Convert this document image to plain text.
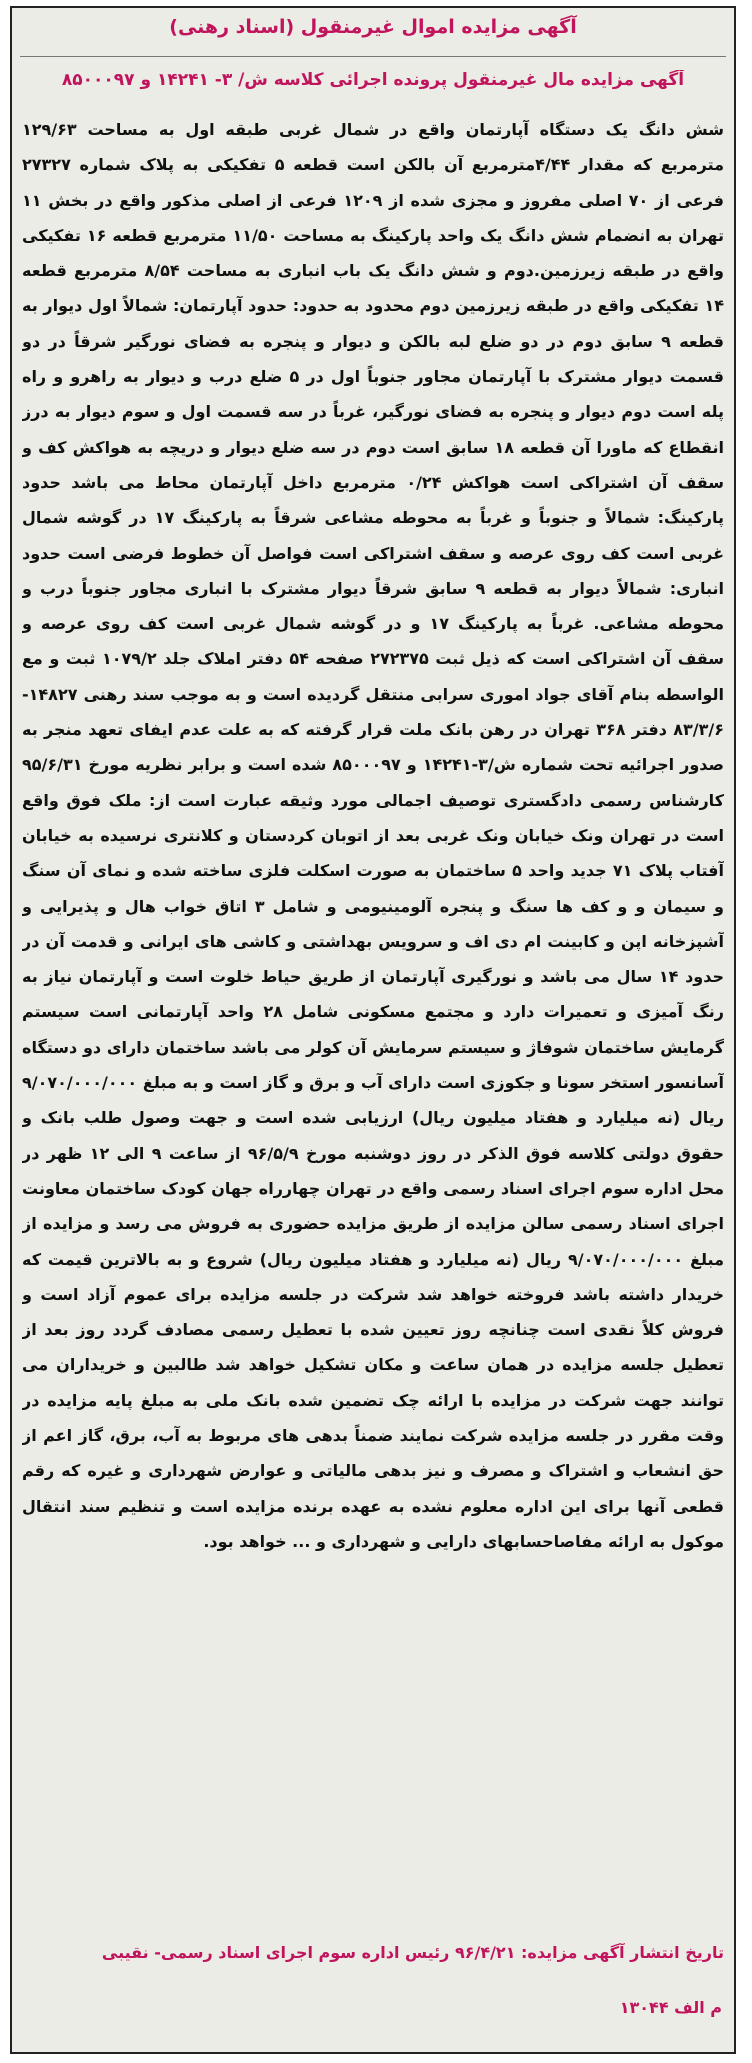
آگهی مزایده اموال غیرمنقول (اسناد رهنی)
آگهی مزایده مال غیرمنقول پرونده اجرائی کلاسه ش/ ۳- ۱۴۲۴۱ و ۸۵۰۰۰۹۷
شش دانگ یک دستگاه آپارتمان واقع در شمال غربی طبقه اول به مساحت ۱۲۹/۶۳ مترمربع که مقدار ۴/۴۴مترمربع آن بالکن است قطعه ۵ تفکیکی به پلاک شماره ۲۷۳۲۷ فرعی از ۷۰ اصلی مفروز و مجزی شده از ۱۲۰۹ فرعی از اصلی مذکور واقع در بخش ۱۱ تهران به انضمام شش دانگ یک واحد پارکینگ به مساحت ۱۱/۵۰ مترمربع قطعه ۱۶ تفکیکی واقع در طبقه زیرزمین.دوم و شش دانگ یک باب انباری به مساحت ۸/۵۴ مترمربع قطعه ۱۴ تفکیکی واقع در طبقه زیرزمین دوم محدود به حدود: حدود آپارتمان: شمالاً اول دیوار به قطعه ۹ سابق دوم در دو ضلع لبه بالکن و دیوار و پنجره به فضای نورگیر شرقاً در دو قسمت دیوار مشترک با آپارتمان مجاور جنوباً اول در ۵ ضلع درب و دیوار به راهرو و راه پله است دوم دیوار و پنجره به فضای نورگیر، غرباً در سه قسمت اول و سوم دیوار به درز انقطاع که ماورا آن قطعه ۱۸ سابق است دوم در سه ضلع دیوار و دریچه به هواکش کف و سقف آن اشتراکی است هواکش ۰/۲۴ مترمربع داخل آپارتمان محاط می باشد حدود پارکینگ: شمالاً و جنوباً و غرباً به محوطه مشاعی شرقاً به پارکینگ ۱۷ در گوشه شمال غربی است کف روی عرصه و سقف اشتراکی است فواصل آن خطوط فرضی است حدود انباری: شمالاً دیوار به قطعه ۹ سابق شرقاً دیوار مشترک با انباری مجاور جنوباً درب و محوطه مشاعی. غرباً به پارکینگ ۱۷ و در گوشه شمال غربی است کف روی عرصه و سقف آن اشتراکی است که ذیل ثبت ۲۷۲۳۷۵ صفحه ۵۴ دفتر املاک جلد ۱۰۷۹/۲ ثبت و مع الواسطه بنام آقای جواد اموری سرابی منتقل گردیده است و به موجب سند رهنی ۱۴۸۲۷- ۸۳/۳/۶ دفتر ۳۶۸ تهران در رهن بانک ملت قرار گرفته که به علت عدم ایفای تعهد منجر به صدور اجرائیه تحت شماره ش/۳-۱۴۲۴۱ و ۸۵۰۰۰۹۷ شده است و برابر نظریه مورخ ۹۵/۶/۳۱ کارشناس رسمی دادگستری توصیف اجمالی مورد وثیقه عبارت است از: ملک فوق واقع است در تهران ونک خیابان ونک غربی بعد از اتوبان کردستان و کلانتری نرسیده به خیابان آفتاب پلاک ۷۱ جدید واحد ۵ ساختمان به صورت اسکلت فلزی ساخته شده و نمای آن سنگ و سیمان و و کف ها سنگ و پنجره آلومینیومی و شامل ۳ اتاق خواب هال و پذیرایی و آشپزخانه اپن و کابینت ام دی اف و سرویس بهداشتی و کاشی های ایرانی و قدمت آن در حدود ۱۴ سال می باشد و نورگیری آپارتمان از طریق حیاط خلوت است و آپارتمان نیاز به رنگ آمیزی و تعمیرات دارد و مجتمع مسکونی شامل ۲۸ واحد آپارتمانی است سیستم گرمایش ساختمان شوفاژ و سیستم سرمایش آن کولر می باشد ساختمان دارای دو دستگاه آسانسور استخر سونا و جکوزی است دارای آب و برق و گاز است و به مبلغ ۹/۰۷۰/۰۰۰/۰۰۰ ریال (نه میلیارد و هفتاد میلیون ریال) ارزیابی شده است و جهت وصول طلب بانک و حقوق دولتی کلاسه فوق الذکر در روز دوشنبه مورخ ۹۶/۵/۹ از ساعت ۹ الی ۱۲ ظهر در محل اداره سوم اجرای اسناد رسمی واقع در تهران چهارراه جهان کودک ساختمان معاونت اجرای اسناد رسمی سالن مزایده از طریق مزایده حضوری به فروش می رسد و مزایده از مبلغ ۹/۰۷۰/۰۰۰/۰۰۰ ریال (نه میلیارد و هفتاد میلیون ریال) شروع و به بالاترین قیمت که خریدار داشته باشد فروخته خواهد شد شرکت در جلسه مزایده برای عموم آزاد است و فروش کلاً نقدی است چنانچه روز تعیین شده با تعطیل رسمی مصادف گردد روز بعد از تعطیل جلسه مزایده در همان ساعت و مکان تشکیل خواهد شد طالبین و خریداران می توانند جهت شرکت در مزایده با ارائه چک تضمین شده بانک ملی به مبلغ پایه مزایده در وقت مقرر در جلسه مزایده شرکت نمایند ضمناً بدهی های مربوط به آب، برق، گاز اعم از حق انشعاب و اشتراک و مصرف و نیز بدهی مالیاتی و عوارض شهرداری و غیره که رقم قطعی آنها برای این اداره معلوم نشده به عهده برنده مزایده است و تنظیم سند انتقال موکول به ارائه مفاصاحسابهای دارایی و شهرداری و ... خواهد بود.
تاریخ انتشار آگهی مزایده: ۹۶/۴/۲۱ رئیس اداره سوم اجرای اسناد رسمی- نقیبی
م الف ۱۳۰۴۴
